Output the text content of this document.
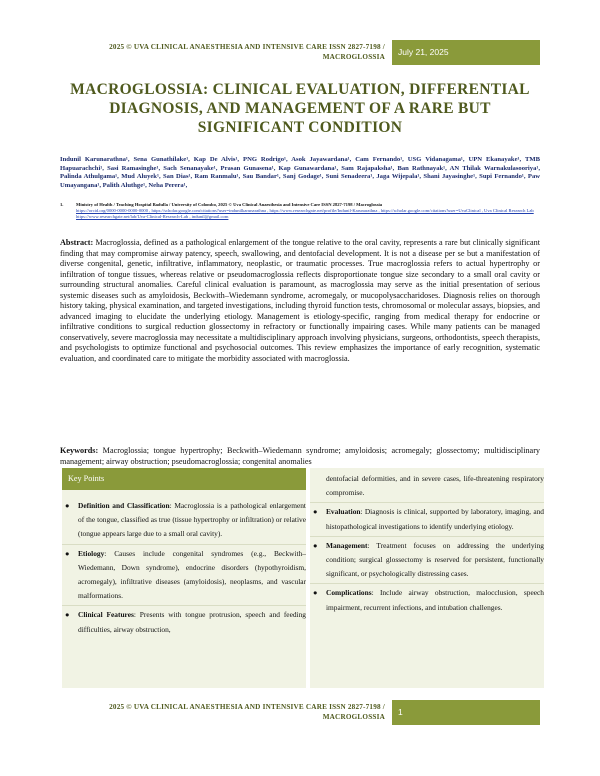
2025 © UVA CLINICAL ANAESTHESIA AND INTENSIVE CARE ISSN 2827-7198 /
MACROGLOSSIA	July 21, 2025
MACROGLOSSIA: CLINICAL EVALUATION, DIFFERENTIAL DIAGNOSIS, AND MANAGEMENT OF A RARE BUT SIGNIFICANT CONDITION
Indunil Karunarathna¹, Sena Gunathilake¹, Kap De Alvis¹, PNG Rodrigo¹, Asok Jayawardana¹, Cam Fernando¹, USG Vidanagama¹, UPN Ekanayake¹, TMB Hapuarachchi¹, Sasi Ramasinghe¹, Sach Senanayake¹, Prasan Gunasena¹, Kap Gunawardana¹, Sam Rajapaksha¹, Ban Rathnayak¹, AN Thilak Warnakulasooriya¹, Palinda Athulgama¹, Mud Aluyek¹, San Dias¹, Ram Ranmalu¹, Sau Bandar¹, Sanj Godage¹, Suni Senadeera¹, Jaga Wijepala¹, Shani Jayasinghe¹, Supi Fernando¹, Paw Umayangana¹, Palith Aluthge¹, Neha Perera¹,
1.	Ministry of Health / Teaching Hospital Badulla / University of Colombo, 2025 © Uva Clinical Anaesthesia and Intensive Care ISSN 2827-7198 / Macroglossia
https://orcid.org/0000-0000-0000-0000 , https://scholar.google.com/citations?user=indunilkarunarathna , https://www.researchgate.net/profile/Indunil-Karunarathna , https://scholar.google.com/citations?user=UvaClinical , Uva Clinical Research Lab https://www.researchgate.net/lab/Uva-Clinical-Research-Lab , indunil@gmail.com
Abstract: Macroglossia, defined as a pathological enlargement of the tongue relative to the oral cavity, represents a rare but clinically significant finding that may compromise airway patency, speech, swallowing, and dentofacial development. It is not a disease per se but a manifestation of diverse congenital, genetic, infiltrative, inflammatory, neoplastic, or traumatic processes. True macroglossia refers to actual hypertrophy or infiltration of tongue tissues, whereas relative or pseudomacroglossia reflects disproportionate tongue size secondary to a small oral cavity or surrounding structural anomalies. Careful clinical evaluation is paramount, as macroglossia may serve as the initial presentation of serious systemic diseases such as amyloidosis, Beckwith–Wiedemann syndrome, acromegaly, or mucopolysaccharidoses. Diagnosis relies on thorough history taking, physical examination, and targeted investigations, including thyroid function tests, chromosomal or molecular assays, biopsies, and advanced imaging to elucidate the underlying etiology. Management is etiology-specific, ranging from medical therapy for endocrine or infiltrative conditions to surgical reduction glossectomy in refractory or functionally impairing cases. While many patients can be managed conservatively, severe macroglossia may necessitate a multidisciplinary approach involving physicians, surgeons, orthodontists, speech therapists, and psychologists to optimize functional and psychosocial outcomes. This review emphasizes the importance of early recognition, systematic evaluation, and coordinated care to mitigate the morbidity associated with macroglossia.
Keywords: Macroglossia; tongue hypertrophy; Beckwith–Wiedemann syndrome; amyloidosis; acromegaly; glossectomy; multidisciplinary management; airway obstruction; pseudomacroglossia; congenital anomalies
Key Points
● Definition and Classification: Macroglossia is a pathological enlargement of the tongue, classified as true (tissue hypertrophy or infiltration) or relative (tongue appears large due to a small oral cavity).
● Etiology: Causes include congenital syndromes (e.g., Beckwith–Wiedemann, Down syndrome), endocrine disorders (hypothyroidism, acromegaly), infiltrative diseases (amyloidosis), neoplasms, and vascular malformations.
● Clinical Features: Presents with tongue protrusion, speech and feeding difficulties, airway obstruction,
dentofacial deformities, and in severe cases, life-threatening respiratory compromise.
● Evaluation: Diagnosis is clinical, supported by laboratory, imaging, and histopathological investigations to identify underlying etiology.
● Management: Treatment focuses on addressing the underlying condition; surgical glossectomy is reserved for persistent, functionally significant, or psychologically distressing cases.
● Complications: Include airway obstruction, malocclusion, speech impairment, recurrent infections, and intubation challenges.
2025 © UVA CLINICAL ANAESTHESIA AND INTENSIVE CARE ISSN 2827-7198 /
MACROGLOSSIA	1
